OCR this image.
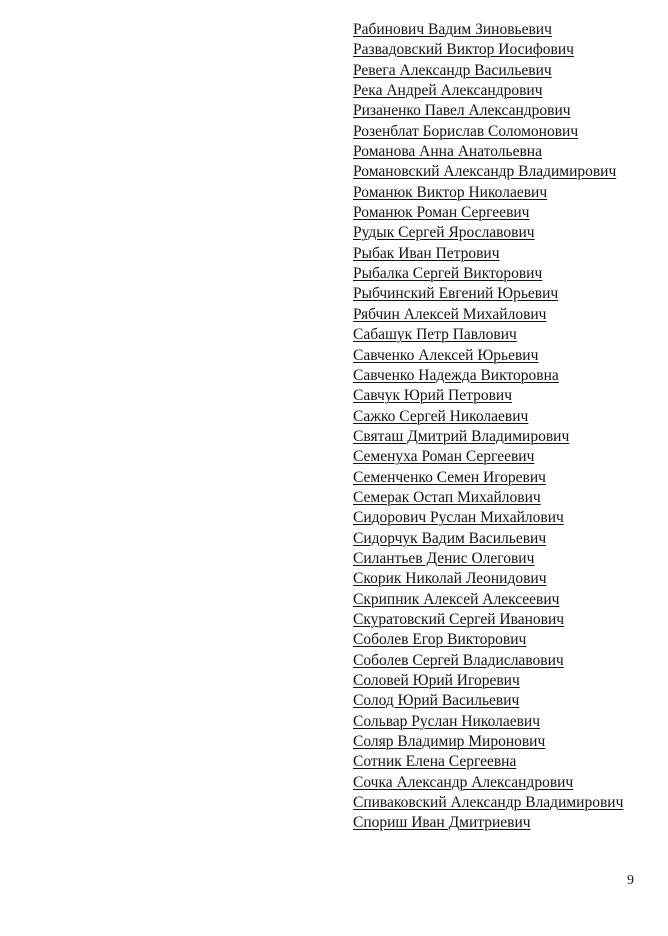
Рабинович Вадим Зиновьевич
Развадовский Виктор Иосифович
Ревега Александр Васильевич
Река Андрей Александрович
Ризаненко Павел Александрович
Розенблат Борислав Соломонович
Романова Анна Анатольевна
Романовский Александр Владимирович
Романюк Виктор Николаевич
Романюк Роман Сергеевич
Рудык Сергей Ярославович
Рыбак Иван Петрович
Рыбалка Сергей Викторович
Рыбчинский Евгений Юрьевич
Рябчин Алексей Михайлович
Сабашук Петр Павлович
Савченко Алексей Юрьевич
Савченко Надежда Викторовна
Савчук Юрий Петрович
Сажко Сергей Николаевич
Святаш Дмитрий Владимирович
Семенуха Роман Сергеевич
Семенченко Семен Игоревич
Семерак Остап Михайлович
Сидорович Руслан Михайлович
Сидорчук Вадим Васильевич
Силантьев Денис Олегович
Скорик Николай Леонидович
Скрипник Алексей Алексеевич
Скуратовский Сергей Иванович
Соболев Егор Викторович
Соболев Сергей Владиславович
Соловей Юрий Игоревич
Солод Юрий Васильевич
Сольвар Руслан Николаевич
Соляр Владимир Миронович
Сотник Елена Сергеевна
Сочка Александр Александрович
Спиваковский Александр Владимирович
Спориш Иван Дмитриевич
9
